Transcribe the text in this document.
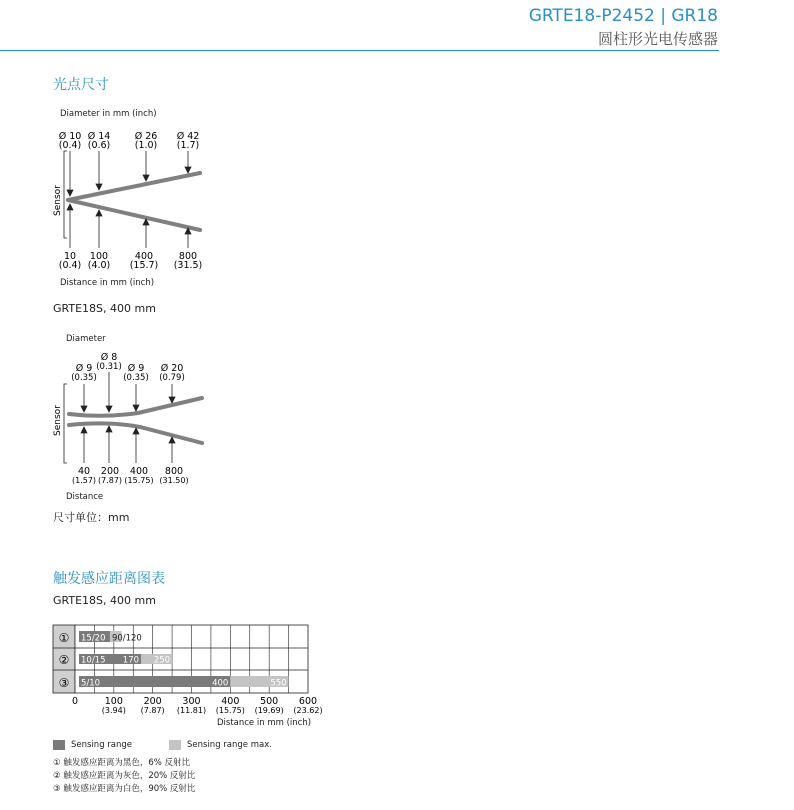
GRTE18-P2452 | GR18
圆柱形光电传感器
光点尺寸
Diameter in mm (inch)
Ø 10
(0.4)
Ø 14
(0.6)
Ø 26
(1.0)
Ø 42
(1.7)
Sensor
10
(0.4)
100
(4.0)
400
(15.7)
800
(31.5)
Distance in mm (inch)
GRTE18S, 400 mm
Diameter
Ø 9
(0.35)
Ø 8
(0.31) Ø 9
(0.35)
Ø 20
(0.79)
Sensor
40
(1.57)
200
(7.87)
400
(15.75)
800
(31.50)
Distance
尺寸单位：mm
触发感应距离图表
GRTE18S, 400 mm
①
②
③
15/20 90/120
10/15 170 250
5/10	400	550
0	100
(3.94)
200
(7.87)
300
(11.81)
400
(15.75)
500
(19.69)
600
(23.62)
Distance in mm (inch)
Sensing range	Sensing range max.
① 触发感应距离为黑色，6% 反射比
② 触发感应距离为灰色，20% 反射比
③ 触发感应距离为白色，90% 反射比
